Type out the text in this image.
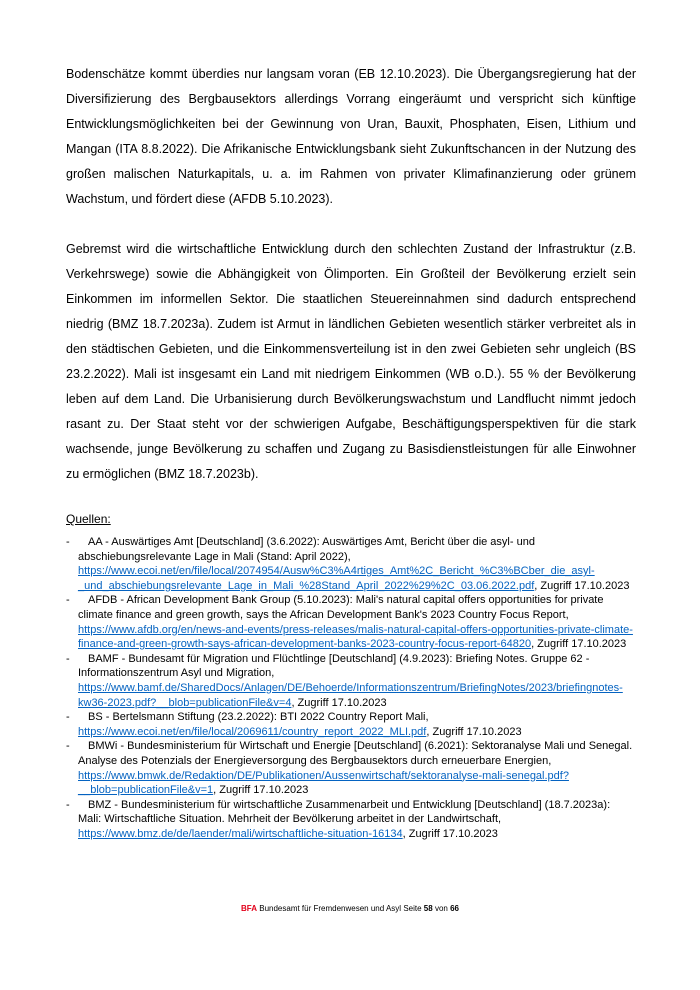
Bodenschätze kommt überdies nur langsam voran (EB 12.10.2023). Die Übergangsregierung hat der Diversifizierung des Bergbausektors allerdings Vorrang eingeräumt und verspricht sich künftige Entwicklungsmöglichkeiten bei der Gewinnung von Uran, Bauxit, Phosphaten, Eisen, Lithium und Mangan (ITA 8.8.2022). Die Afrikanische Entwicklungsbank sieht Zukunftschancen in der Nutzung des großen malischen Naturkapitals, u. a. im Rahmen von privater Klimafinanzierung oder grünem Wachstum, und fördert diese (AFDB 5.10.2023).

Gebremst wird die wirtschaftliche Entwicklung durch den schlechten Zustand der Infrastruktur (z.B. Verkehrswege) sowie die Abhängigkeit von Ölimporten. Ein Großteil der Bevölkerung erzielt sein Einkommen im informellen Sektor. Die staatlichen Steuereinnahmen sind dadurch entsprechend niedrig (BMZ 18.7.2023a). Zudem ist Armut in ländlichen Gebieten wesentlich stärker verbreitet als in den städtischen Gebieten, und die Einkommensverteilung ist in den zwei Gebieten sehr ungleich (BS 23.2.2022). Mali ist insgesamt ein Land mit niedrigem Einkommen (WB o.D.). 55 % der Bevölkerung leben auf dem Land. Die Urbanisierung durch Bevölkerungswachstum und Landflucht nimmt jedoch rasant zu. Der Staat steht vor der schwierigen Aufgabe, Beschäftigungsperspektiven für die stark wachsende, junge Bevölkerung zu schaffen und Zugang zu Basisdienstleistungen für alle Einwohner zu ermöglichen (BMZ 18.7.2023b).

Quellen:

- AA - Auswärtiges Amt [Deutschland] (3.6.2022): Auswärtiges Amt, Bericht über die asyl- und abschiebungsrelevante Lage in Mali (Stand: April 2022), https://www.ecoi.net/en/file/local/2074954/Ausw%C3%A4rtiges_Amt%2C_Bericht_%C3%BCber_die_asyl-_und_abschiebungsrelevante_Lage_in_Mali_%28Stand_April_2022%29%2C_03.06.2022.pdf, Zugriff 17.10.2023
- AFDB - African Development Bank Group (5.10.2023): Mali's natural capital offers opportunities for private climate finance and green growth, says the African Development Bank's 2023 Country Focus Report, https://www.afdb.org/en/news-and-events/press-releases/malis-natural-capital-offers-opportunities-private-climate-finance-and-green-growth-says-african-development-banks-2023-country-focus-report-64820, Zugriff 17.10.2023
- BAMF - Bundesamt für Migration und Flüchtlinge [Deutschland] (4.9.2023): Briefing Notes. Gruppe 62 - Informationszentrum Asyl und Migration, https://www.bamf.de/SharedDocs/Anlagen/DE/Behoerde/Informationszentrum/BriefingNotes/2023/briefingnotes-kw36-2023.pdf?__blob=publicationFile&v=4, Zugriff 17.10.2023
- BS - Bertelsmann Stiftung (23.2.2022): BTI 2022 Country Report Mali, https://www.ecoi.net/en/file/local/2069611/country_report_2022_MLI.pdf, Zugriff 17.10.2023
- BMWi - Bundesministerium für Wirtschaft und Energie [Deutschland] (6.2021): Sektoranalyse Mali und Senegal. Analyse des Potenzials der Energieversorgung des Bergbausektors durch erneuerbare Energien, https://www.bmwk.de/Redaktion/DE/Publikationen/Aussenwirtschaft/sektoranalyse-mali-senegal.pdf?__blob=publicationFile&v=1, Zugriff 17.10.2023
- BMZ - Bundesministerium für wirtschaftliche Zusammenarbeit und Entwicklung [Deutschland] (18.7.2023a): Mali: Wirtschaftliche Situation. Mehrheit der Bevölkerung arbeitet in der Landwirtschaft, https://www.bmz.de/de/laender/mali/wirtschaftliche-situation-16134, Zugriff 17.10.2023
BFA Bundesamt für Fremdenwesen und Asyl Seite 58 von 66
